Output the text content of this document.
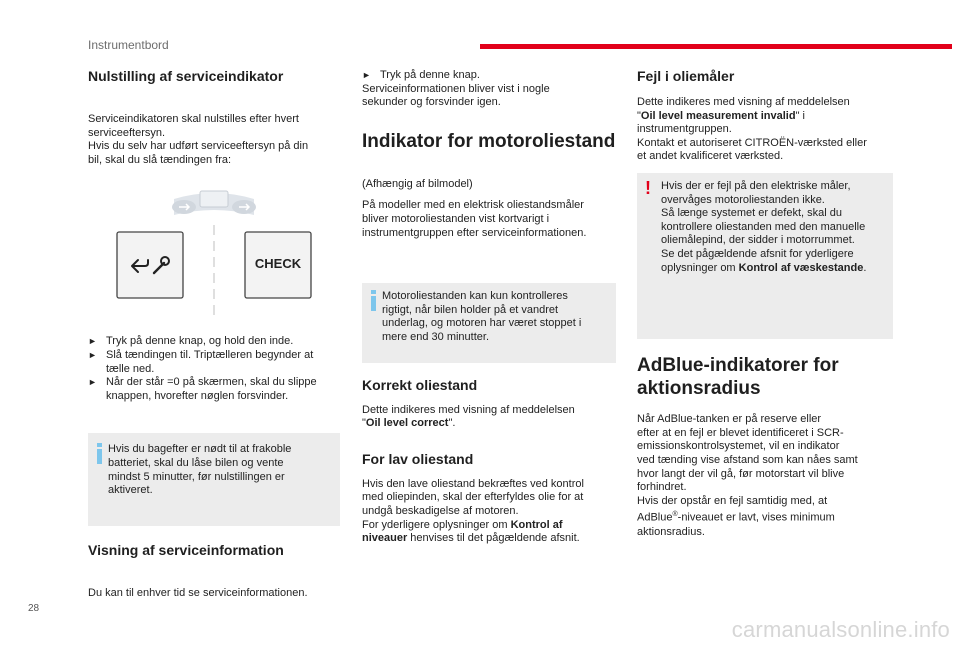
Instrumentbord
Nulstilling af serviceindikator

Serviceindikatoren skal nulstilles efter hvert
serviceeftersyn.
Hvis du selv har udført serviceeftersyn på din
bil, skal du slå tændingen fra:

CHECK
► Tryk på denne knap, og hold den inde.
► Slå tændingen til. Triptælleren begynder at
tælle ned.
► Når der står =0 på skærmen, skal du slippe
knappen, hvorefter nøglen forsvinder.

Hvis du bagefter er nødt til at frakoble
batteriet, skal du låse bilen og vente
mindst 5 minutter, før nulstillingen er
aktiveret.

Visning af serviceinformation

Du kan til enhver tid se serviceinformationen.

► Tryk på denne knap.

Serviceinformationen bliver vist i nogle
sekunder og forsvinder igen.

Indikator for motoroliestand

(Afhængig af bilmodel)

På modeller med en elektrisk oliestandsmåler
bliver motoroliestanden vist kortvarigt i
instrumentgruppen efter serviceinformationen.

Motoroliestanden kan kun kontrolleres
rigtigt, når bilen holder på et vandret
underlag, og motoren har været stoppet i
mere end 30 minutter.

Korrekt oliestand

Dette indikeres med visning af meddelelsen
"Oil level correct".

For lav oliestand

Hvis den lave oliestand bekræftes ved kontrol
med oliepinden, skal der efterfyldes olie for at
undgå beskadigelse af motoren.
For yderligere oplysninger om Kontrol af
niveauer henvises til det pågældende afsnit.

Fejl i oliemåler

Dette indikeres med visning af meddelelsen
"Oil level measurement invalid" i
instrumentgruppen.
Kontakt et autoriseret CITROËN-værksted eller
et andet kvalificeret værksted.

! Hvis der er fejl på den elektriske måler,
overvåges motoroliestanden ikke.
Så længe systemet er defekt, skal du
kontrollere oliestanden med den manuelle
oliemålepind, der sidder i motorrummet.
Se det pågældende afsnit for yderligere
oplysninger om Kontrol af væskestande.

AdBlue-indikatorer for
aktionsradius

Når AdBlue-tanken er på reserve eller
efter at en fejl er blevet identificeret i SCR-
emissionskontrolsystemet, vil en indikator
ved tænding vise afstand som kan nåes samt
hvor langt der vil gå, før motorstart vil blive
forhindret.
Hvis der opstår en fejl samtidig med, at
AdBlue®-niveauet er lavt, vises minimum
aktionsradius.

28
carmanualsonline.info
